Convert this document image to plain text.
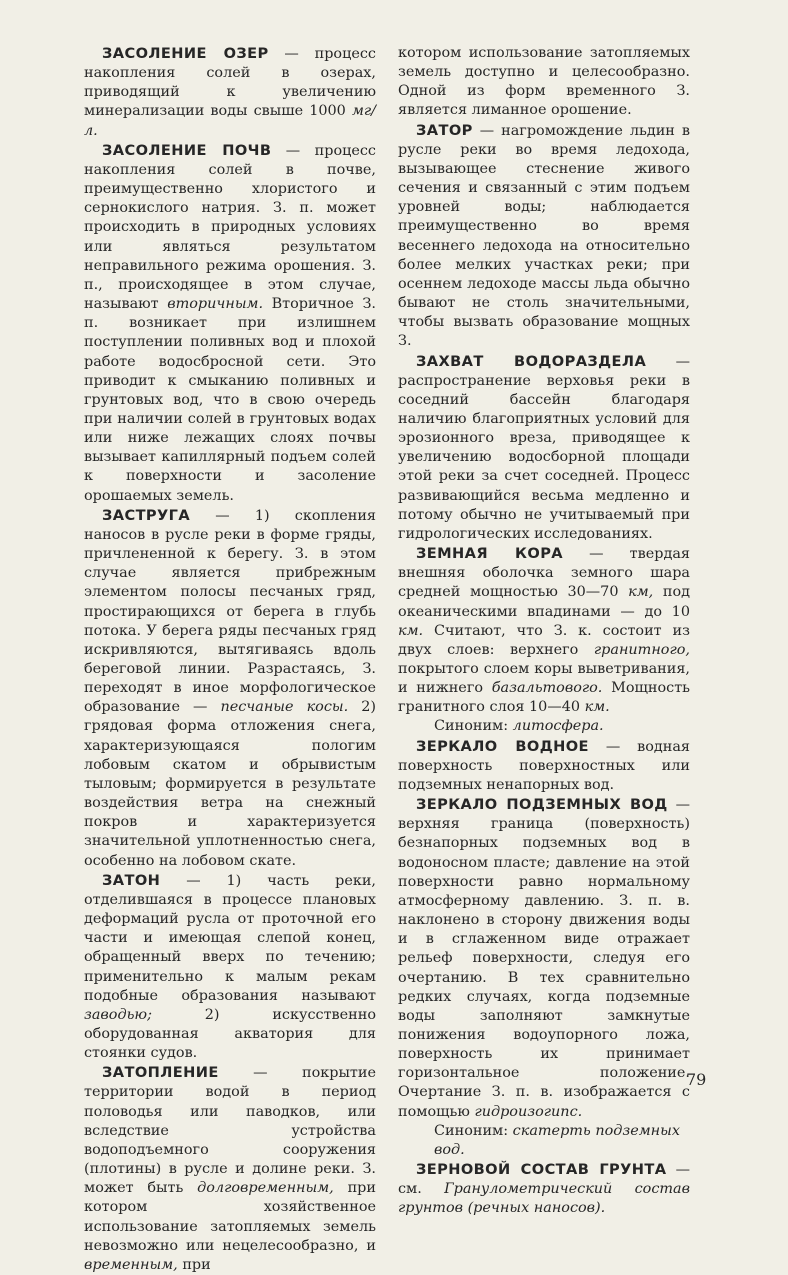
ЗАСОЛЕНИЕ ОЗЕР — процесс накопления солей в озерах, приводящий к увеличению минерализации воды свыше 1000 мг/л.

ЗАСОЛЕНИЕ ПОЧВ — процесс накопления солей в почве, преимущественно хлористого и сернокислого натрия. З. п. может происходить в природных условиях или являться результатом неправильного режима орошения. З. п., происходящее в этом случае, называют вторичным. Вторичное З. п. возникает при излишнем поступлении поливных вод и плохой работе водосбросной сети. Это приводит к смыканию поливных и грунтовых вод, что в свою очередь при наличии солей в грунтовых водах или ниже лежащих слоях почвы вызывает капиллярный подъем солей к поверхности и засоление орошаемых земель.

ЗАСТРУГА — 1) скопления наносов в русле реки в форме гряды, причлененной к берегу. З. в этом случае является прибрежным элементом полосы песчаных гряд, простирающихся от берега в глубь потока. У берега ряды песчаных гряд искривляются, вытягиваясь вдоль береговой линии. Разрастаясь, З. переходят в иное морфологическое образование — песчаные косы. 2) грядовая форма отложения снега, характеризующаяся пологим лобовым скатом и обрывистым тыловым; формируется в результате воздействия ветра на снежный покров и характеризуется значительной уплотненностью снега, особенно на лобовом скате.

ЗАТОН — 1) часть реки, отделившаяся в процессе плановых деформаций русла от проточной его части и имеющая слепой конец, обращенный вверх по течению; применительно к малым рекам подобные образования называют заводью; 2) искусственно оборудованная акватория для стоянки судов.

ЗАТОПЛЕНИЕ — покрытие территории водой в период половодья или паводков, или вследствие устройства водоподъемного сооружения (плотины) в русле и долине реки. З. может быть долговременным, при котором хозяйственное использование затопляемых земель невозможно или нецелесообразно, и временным, при

котором использование затопляемых земель доступно и целесообразно. Одной из форм временного З. является лиманное орошение.

ЗАТОР — нагромождение льдин в русле реки во время ледохода, вызывающее стеснение живого сечения и связанный с этим подъем уровней воды; наблюдается преимущественно во время весеннего ледохода на относительно более мелких участках реки; при осеннем ледоходе массы льда обычно бывают не столь значительными, чтобы вызвать образование мощных З.

ЗАХВАТ ВОДОРАЗДЕЛА — распространение верховья реки в соседний бассейн благодаря наличию благоприятных условий для эрозионного вреза, приводящее к увеличению водосборной площади этой реки за счет соседней. Процесс развивающийся весьма медленно и потому обычно не учитываемый при гидрологических исследованиях.

ЗЕМНАЯ КОРА — твердая внешняя оболочка земного шара средней мощностью 30—70 км, под океаническими впадинами — до 10 км. Считают, что З. к. состоит из двух слоев: верхнего гранитного, покрытого слоем коры выветривания, и нижнего базальтового. Мощность гранитного слоя 10—40 км.

Синоним: литосфера.

ЗЕРКАЛО ВОДНОЕ — водная поверхность поверхностных или подземных ненапорных вод.

ЗЕРКАЛО ПОДЗЕМНЫХ ВОД — верхняя граница (поверхность) безнапорных подземных вод в водоносном пласте; давление на этой поверхности равно нормальному атмосферному давлению. З. п. в. наклонено в сторону движения воды и в сглаженном виде отражает рельеф поверхности, следуя его очертанию. В тех сравнительно редких случаях, когда подземные воды заполняют замкнутые понижения водоупорного ложа, поверхность их принимает горизонтальное положение. Очертание З. п. в. изображается с помощью гидроизогипс.

Синоним: скатерть подземных вод.

ЗЕРНОВОЙ СОСТАВ ГРУНТА — см. Гранулометрический состав грунтов (речных наносов).

79
